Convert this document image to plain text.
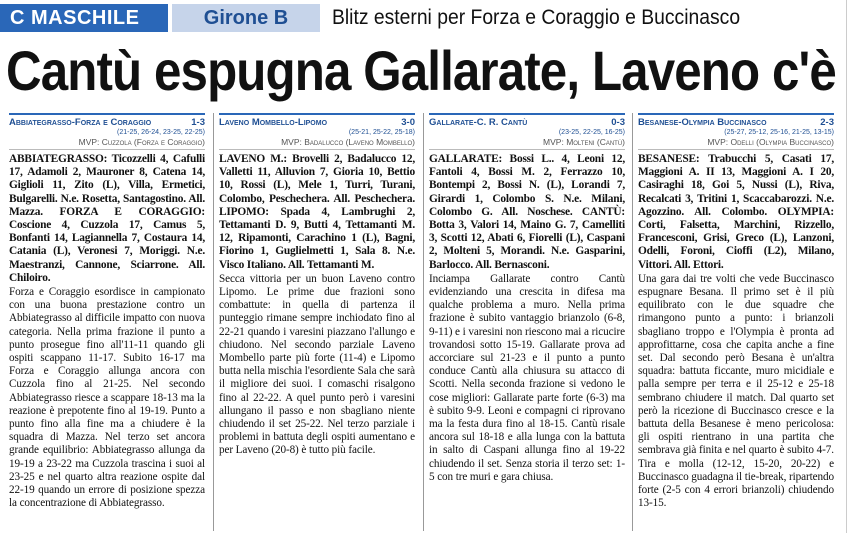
C MASCHILE	Girone B	Blitz esterni per Forza e Coraggio e Buccinasco
Cantù espugna Gallarate, Laveno c'è
Abbiategrasso-Forza e Coraggio	1-3
(21-25, 26-24, 23-25, 22-25)
MVP: Cuzzola (Forza e Coraggio)
ABBIATEGRASSO: Ticozzelli 4, Cafulli 17, Adamoli 2, Mauroner 8, Catena 14, Giglioli 11, Zito (L), Villa, Ermetici, Bulgarelli. N.e. Rosetta, Santagostino. All. Mazza. FORZA E CORAGGIO: Coscione 4, Cuzzola 17, Camus 5, Bonfanti 14, Lagiannella 7, Costaura 14, Catania (L), Veronesi 7, Moriggi. N.e. Maestranzi, Cannone, Sciarrone. All. Chiloiro.
Forza e Coraggio esordisce in campionato con una buona prestazione contro un Abbiategrasso al difficile impatto con nuova categoria. Nella prima frazione il punto a punto prosegue fino all'11-11 quando gli ospiti scappano 11-17. Subito 16-17 ma Forza e Coraggio allunga ancora con Cuzzola fino al 21-25. Nel secondo Abbiategrasso riesce a scappare 18-13 ma la reazione è prepotente fino al 19-19. Punto a punto fino alla fine ma a chiudere è la squadra di Mazza. Nel terzo set ancora grande equilibrio: Abbiategrasso allunga da 19-19 a 23-22 ma Cuzzola trascina i suoi al 23-25 e nel quarto altra reazione ospite dal 22-19 quando un errore di posizione spezza la concentrazione di Abbiategrasso.
Laveno Mombello-Lipomo	3-0
(25-21, 25-22, 25-18)
MVP: Badalucco (Laveno Mombello)
LAVENO M.: Brovelli 2, Badalucco 12, Valletti 11, Alluvion 7, Gioria 10, Bettio 10, Rossi (L), Mele 1, Turri, Turani, Colombo, Peschechera. All. Peschechera. LIPOMO: Spada 4, Lambrughi 2, Tettamanti D. 9, Butti 4, Tettamanti M. 12, Ripamonti, Carachino 1 (L), Bagni, Fiorino 1, Guglielmetti 1, Sala 8. N.e. Visco Italiano. All. Tettamanti M.
Secca vittoria per un buon Laveno contro Lipomo. Le prime due frazioni sono combattute: in quella di partenza il punteggio rimane sempre inchiodato fino al 22-21 quando i varesini piazzano l'allungo e chiudono. Nel secondo parziale Laveno Mombello parte più forte (11-4) e Lipomo butta nella mischia l'esordiente Sala che sarà il migliore dei suoi. I comaschi risalgono fino al 22-22. A quel punto però i varesini allungano il passo e non sbagliano niente chiudendo il set 25-22. Nel terzo parziale i problemi in battuta degli ospiti aumentano e per Laveno (20-8) è tutto più facile.
Gallarate-C. R. Cantù	0-3
(23-25, 22-25, 16-25)
MVP: Molteni (Cantù)
GALLARATE: Bossi L.. 4, Leoni 12, Fantoli 4, Bossi M. 2, Ferrazzo 10, Bontempi 2, Bossi N. (L), Lorandi 7, Girardi 1, Colombo S. N.e. Milani, Colombo G. All. Noschese. CANTÙ: Botta 3, Valori 14, Maino G. 7, Camelliti 3, Scotti 12, Abati 6, Fiorelli (L), Caspani 2, Molteni 5, Morandi. N.e. Gasparini, Barlocco. All. Bernasconi.
Inciampa Gallarate contro Cantù evidenziando una crescita in difesa ma qualche problema a muro. Nella prima frazione è subito vantaggio brianzolo (6-8, 9-11) e i varesini non riescono mai a ricucire trovandosi sotto 15-19. Gallarate prova ad accorciare sul 21-23 e il punto a punto conduce Cantù alla chiusura su attacco di Scotti. Nella seconda frazione si vedono le cose migliori: Gallarate parte forte (6-3) ma è subito 9-9. Leoni e compagni ci riprovano ma la festa dura fino al 18-15. Cantù risale ancora sul 18-18 e alla lunga con la battuta in salto di Caspani allunga fino al 19-22 chiudendo il set. Senza storia il terzo set: 1-5 con tre muri e gara chiusa.
Besanese-Olympia Buccinasco	2-3
(25-27, 25-12, 25-16, 21-25, 13-15)
MVP: Odelli (Olympia Buccinasco)
BESANESE: Trabucchi 5, Casati 17, Maggioni A. II 13, Maggioni A. I 20, Casiraghi 18, Goi 5, Nussi (L), Riva, Recalcati 3, Tritini 1, Scaccabarozzi. N.e. Agozzino. All. Colombo. OLYMPIA: Corti, Falsetta, Marchini, Rizzello, Francesconi, Grisi, Greco (L), Lanzoni, Odelli, Foroni, Cioffi (L2), Milano, Vittori. All. Ettori.
Una gara dai tre volti che vede Buccinasco espugnare Besana. Il primo set è il più equilibrato con le due squadre che rimangono punto a punto: i brianzoli sbagliano troppo e l'Olympia è pronta ad approfittarne, cosa che capita anche a fine set. Dal secondo però Besana è un'altra squadra: battuta ficcante, muro micidiale e palla sempre per terra e il 25-12 e 25-18 sembrano chiudere il match. Dal quarto set però la ricezione di Buccinasco cresce e la battuta della Besanese è meno pericolosa: gli ospiti rientrano in una partita che sembrava già finita e nel quarto è subito 4-7. Tira e molla (12-12, 15-20, 20-22) e Buccinasco guadagna il tie-break, ripartendo forte (2-5 con 4 errori brianzoli) chiudendo 13-15.
